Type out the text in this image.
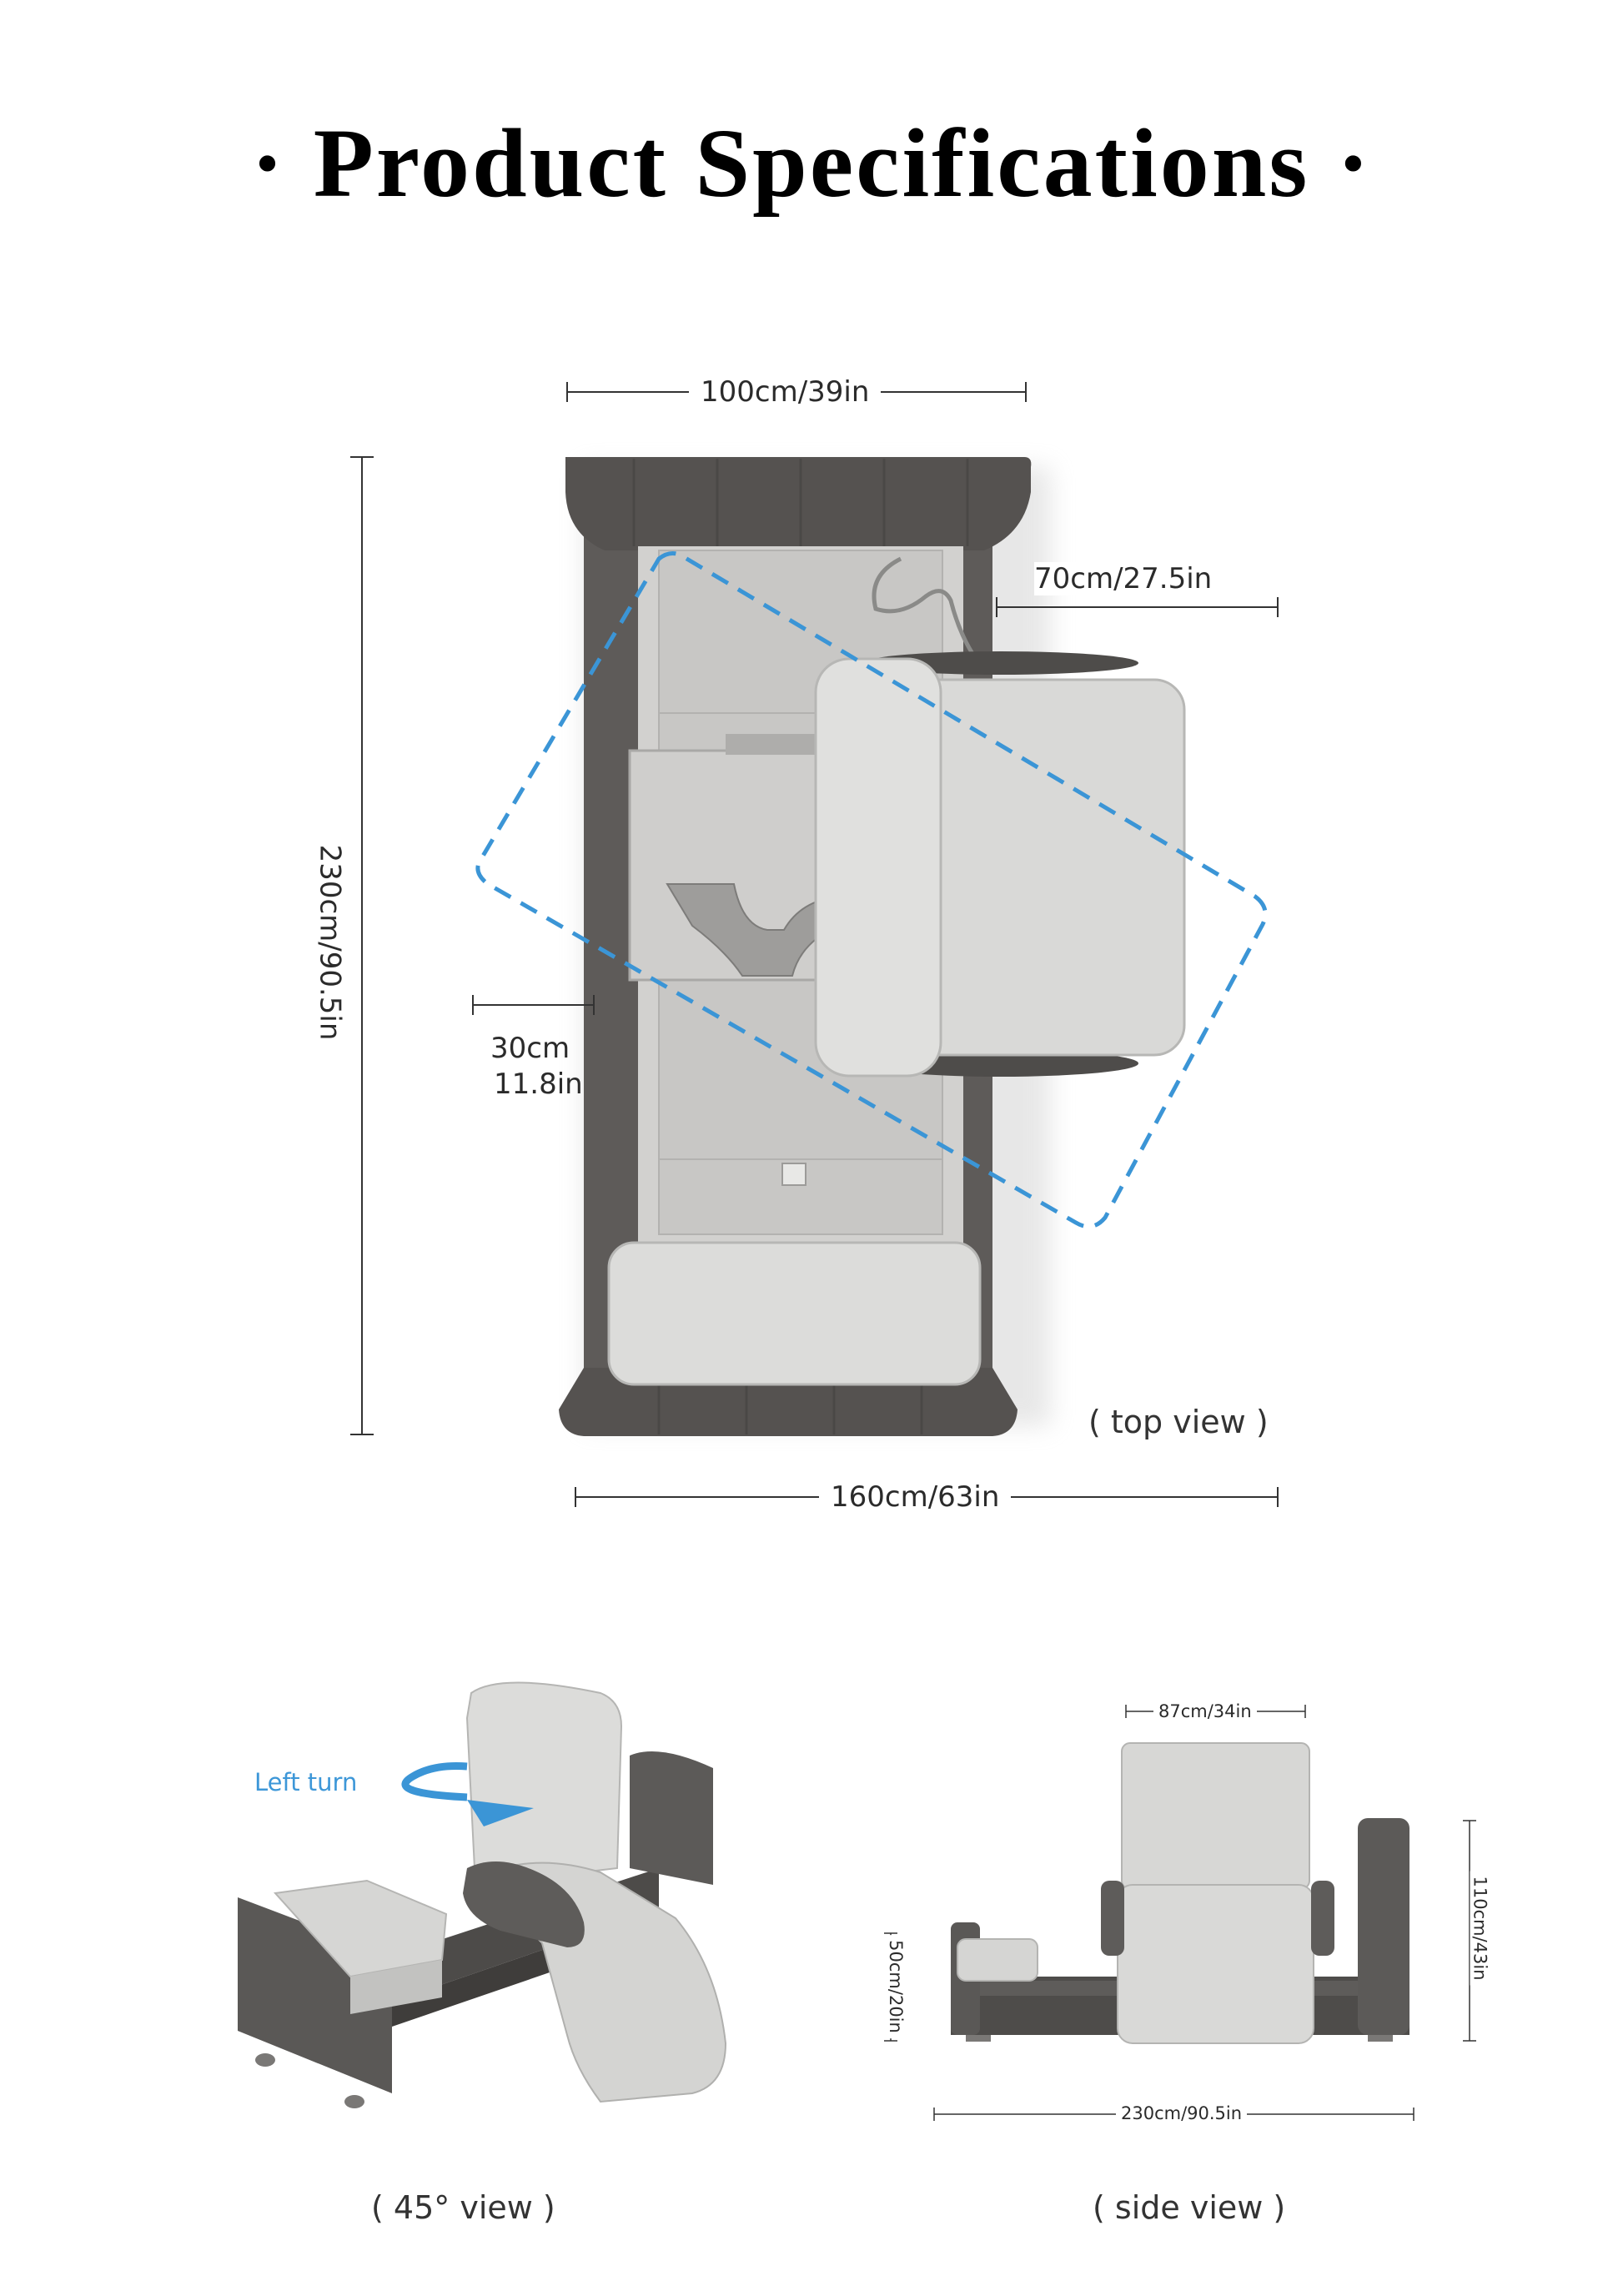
· Product Specifications ·
100cm/39in
230cm/90.5in
70cm/27.5in
30cm
11.8in
160cm/63in
( top view )
Left turn
( 45° view )
87cm/34in
110cm/43in
50cm/20in
230cm/90.5in
( side view )
